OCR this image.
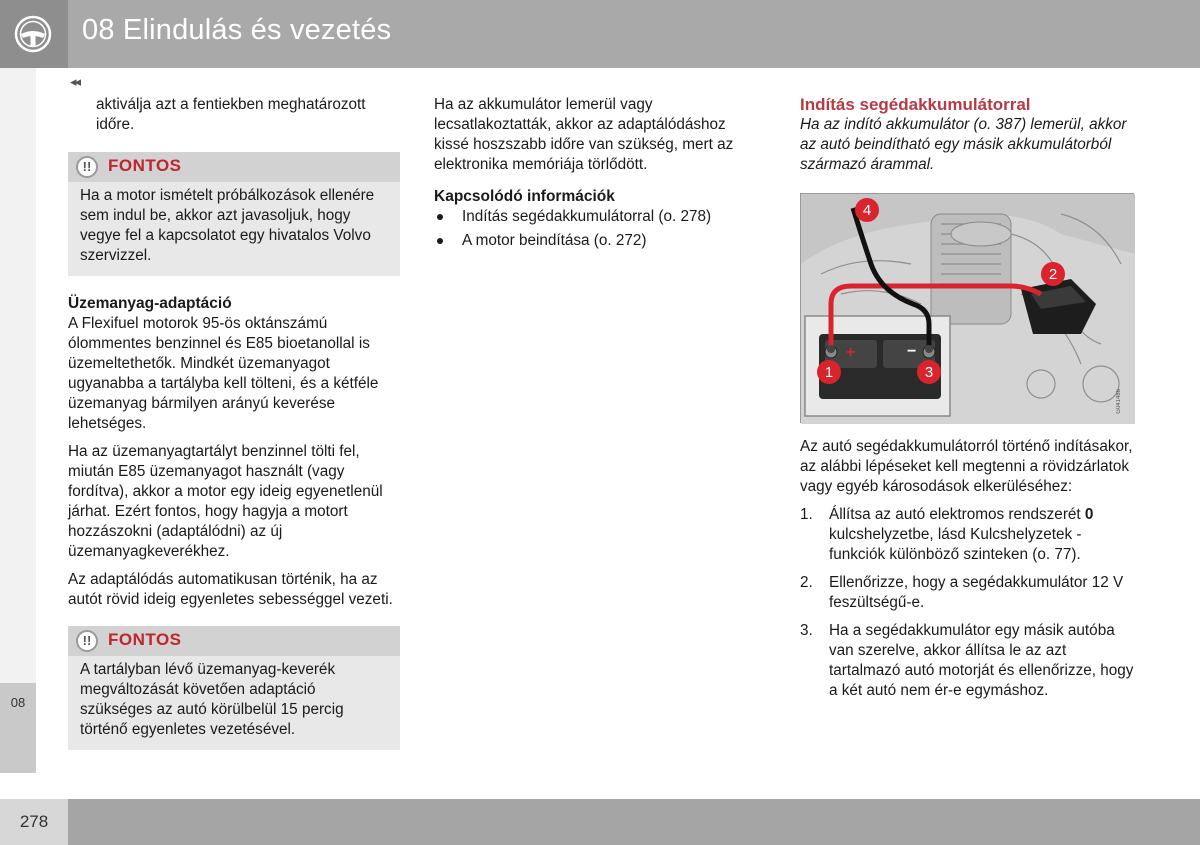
08 Elindulás és vezetés
08
◂◂

aktiválja azt a fentiekben meghatározott időre.

!! FONTOS
Ha a motor ismételt próbálkozások ellenére sem indul be, akkor azt javasoljuk, hogy vegye fel a kapcsolatot egy hivatalos Volvo szervizzel.

Üzemanyag-adaptáció

A Flexifuel motorok 95-ös oktánszámú ólommentes benzinnel és E85 bioetanollal is üzemeltethetők. Mindkét üzemanyagot ugyanabba a tartályba kell tölteni, és a kétféle üzemanyag bármilyen arányú keverése lehetséges.

Ha az üzemanyagtartályt benzinnel tölti fel, miután E85 üzemanyagot használt (vagy fordítva), akkor a motor egy ideig egyenetlenül járhat. Ezért fontos, hogy hagyja a motort hozzászokni (adaptálódni) az új üzemanyagkeverékhez.

Az adaptálódás automatikusan történik, ha az autót rövid ideig egyenletes sebességgel vezeti.

!! FONTOS
A tartályban lévő üzemanyag-keverék megváltozását követően adaptáció szükséges az autó körülbelül 15 percig történő egyenletes vezetésével.

Ha az akkumulátor lemerül vagy lecsatlakoztatták, akkor az adaptálódáshoz kissé hoszszabb időre van szükség, mert az elektronika memóriája törlődött.

Kapcsolódó információk

Indítás segédakkumulátorral (o. 278)
A motor beindítása (o. 272)

Indítás segédakkumulátorral

Ha az indító akkumulátor (o. 387) lemerül, akkor az autó beindítható egy másik akkumulátorból származó árammal.

+	−
1
2
3
4
G041486

Az autó segédakkumulátorról történő indításakor, az alábbi lépéseket kell megtenni a rövidzárlatok vagy egyéb károsodások elkerüléséhez:

1. Állítsa az autó elektromos rendszerét 0 kulcshelyzetbe, lásd Kulcshelyzetek - funkciók különböző szinteken (o. 77).
2. Ellenőrizze, hogy a segédakkumulátor 12 V feszültségű-e.
3. Ha a segédakkumulátor egy másik autóba van szerelve, akkor állítsa le az azt tartalmazó autó motorját és ellenőrizze, hogy a két autó nem ér-e egymáshoz.
278
